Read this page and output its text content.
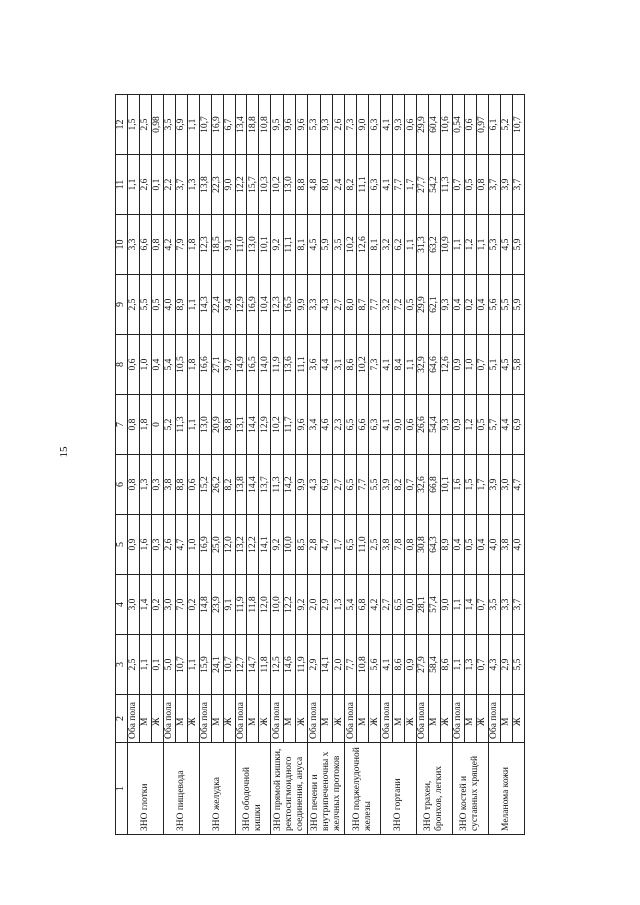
15
1	2	3	4	5	6	7	8	9	10	11	12
ЗНО глотки	Оба пола	2,5	3,0	0,9	0,8	0,8	0,6	2,5	3,3	1,1	1,5
	М	1,1	1,4	1,6	1,3	1,8	1,0	5,5	6,6	2,6	2,5
	Ж	0,1	0,2	0,3	0,3	0	0,4	0,5	0,8	0,1	0,98
ЗНО пищевода	Оба пола	5,0	3,0	2,6	3,8	5,2	5,4	4,0	4,2	2,2	3,5
	М	10,7	7,0	4,7	8,8	11,3	10,5	8,9	7,9	3,7	6,9
	Ж	1,1	0,2	1,0	0,6	1,1	1,8	1,1	1,8	1,3	1,1
ЗНО желудка	Оба пола	15,9	14,8	16,9	15,2	13,0	16,6	14,3	12,3	13,8	10,7
	М	24,1	23,9	25,0	26,2	20,9	27,1	22,4	18,5	22,3	16,9
	Ж	10,7	9,1	12,0	8,2	8,8	9,7	9,4	9,1	9,0	6,7
ЗНО ободочной кишки	Оба пола	12,7	11,9	13,2	13,8	13,1	14,9	12,9	11,0	12,2	13,4
	М	14,7	11,8	12,2	14,4	14,4	16,5	16,9	13,0	15,7	18,8
	Ж	11,8	12,0	14,1	13,7	12,9	14,0	10,4	10,1	10,3	10,8
ЗНО прямой кишки, ректосигмоидного соединения, ануса	Оба пола	12,5	10,0	9,2	11,3	10,2	11,9	12,3	9,2	10,2	9,5
	М	14,6	12,2	10,0	14,2	11,7	13,6	16,5	11,1	13,0	9,6
	Ж	11,9	9,2	8,5	9,9	9,6	11,1	9,9	8,1	8,8	9,6
ЗНО печени и внутрипеченочны х желчных протоков	Оба пола	2,9	2,0	2,8	4,3	3,4	3,6	3,3	4,5	4,8	5,3
	М	14,1	2,9	4,7	6,9	4,6	4,4	4,3	5,9	8,0	9,3
	Ж	2,0	1,3	1,7	2,7	2,3	3,1	2,7	3,5	2,4	2,6
ЗНО поджелудочной железы	Оба пола	7,7	5,4	6,5	6,5	6,5	8,6	8,0	10,2	8,2	7,3
	М	10,8	6,8	11,0	7,7	6,6	10,2	8,7	12,6	11,1	9,0
	Ж	5,6	4,2	2,5	5,5	6,3	7,3	7,7	8,1	6,3	6,3
ЗНО гортани	Оба пола	4,1	2,7	3,8	3,9	4,1	4,1	3,2	3,2	4,1	4,1
	М	8,6	6,5	7,8	8,2	9,0	8,4	7,2	6,2	7,7	9,3
	Ж	0,9	0,0	0,8	0,7	0,6	1,1	0,5	1,1	1,7	0,6
ЗНО трахеи, бронхов, легких	Оба пола	27,9	28,1	30,8	32,6	26,6	32,9	29,9	31,3	27,7	29,9
	М	58,4	57,4	64,3	66,8	54,4	64,6	62,1	63,2	54,2	60,4
	Ж	8,6	9,0	8,9	10,1	9,3	12,6	9,3	10,9	11,3	10,6
ЗНО костей и суставных хрящей	Оба пола	1,1	1,1	0,4	1,6	0,9	0,9	0,4	1,1	0,7	0,54
	М	1,3	1,4	0,5	1,5	1,2	1,0	0,2	1,2	0,5	0,6
	Ж	0,7	0,7	0,4	1,7	0,5	0,7	0,4	1,1	0,8	0,97
Меланома кожи	Оба пола	4,3	3,5	4,0	3,9	5,7	5,1	5,6	5,3	3,7	6,1
	М	2,9	3,3	3,8	3,0	4,4	4,5	5,5	4,5	3,9	5,2
	Ж	5,5	3,7	4,0	4,7	6,9	5,8	5,9	5,9	3,7	10,7
